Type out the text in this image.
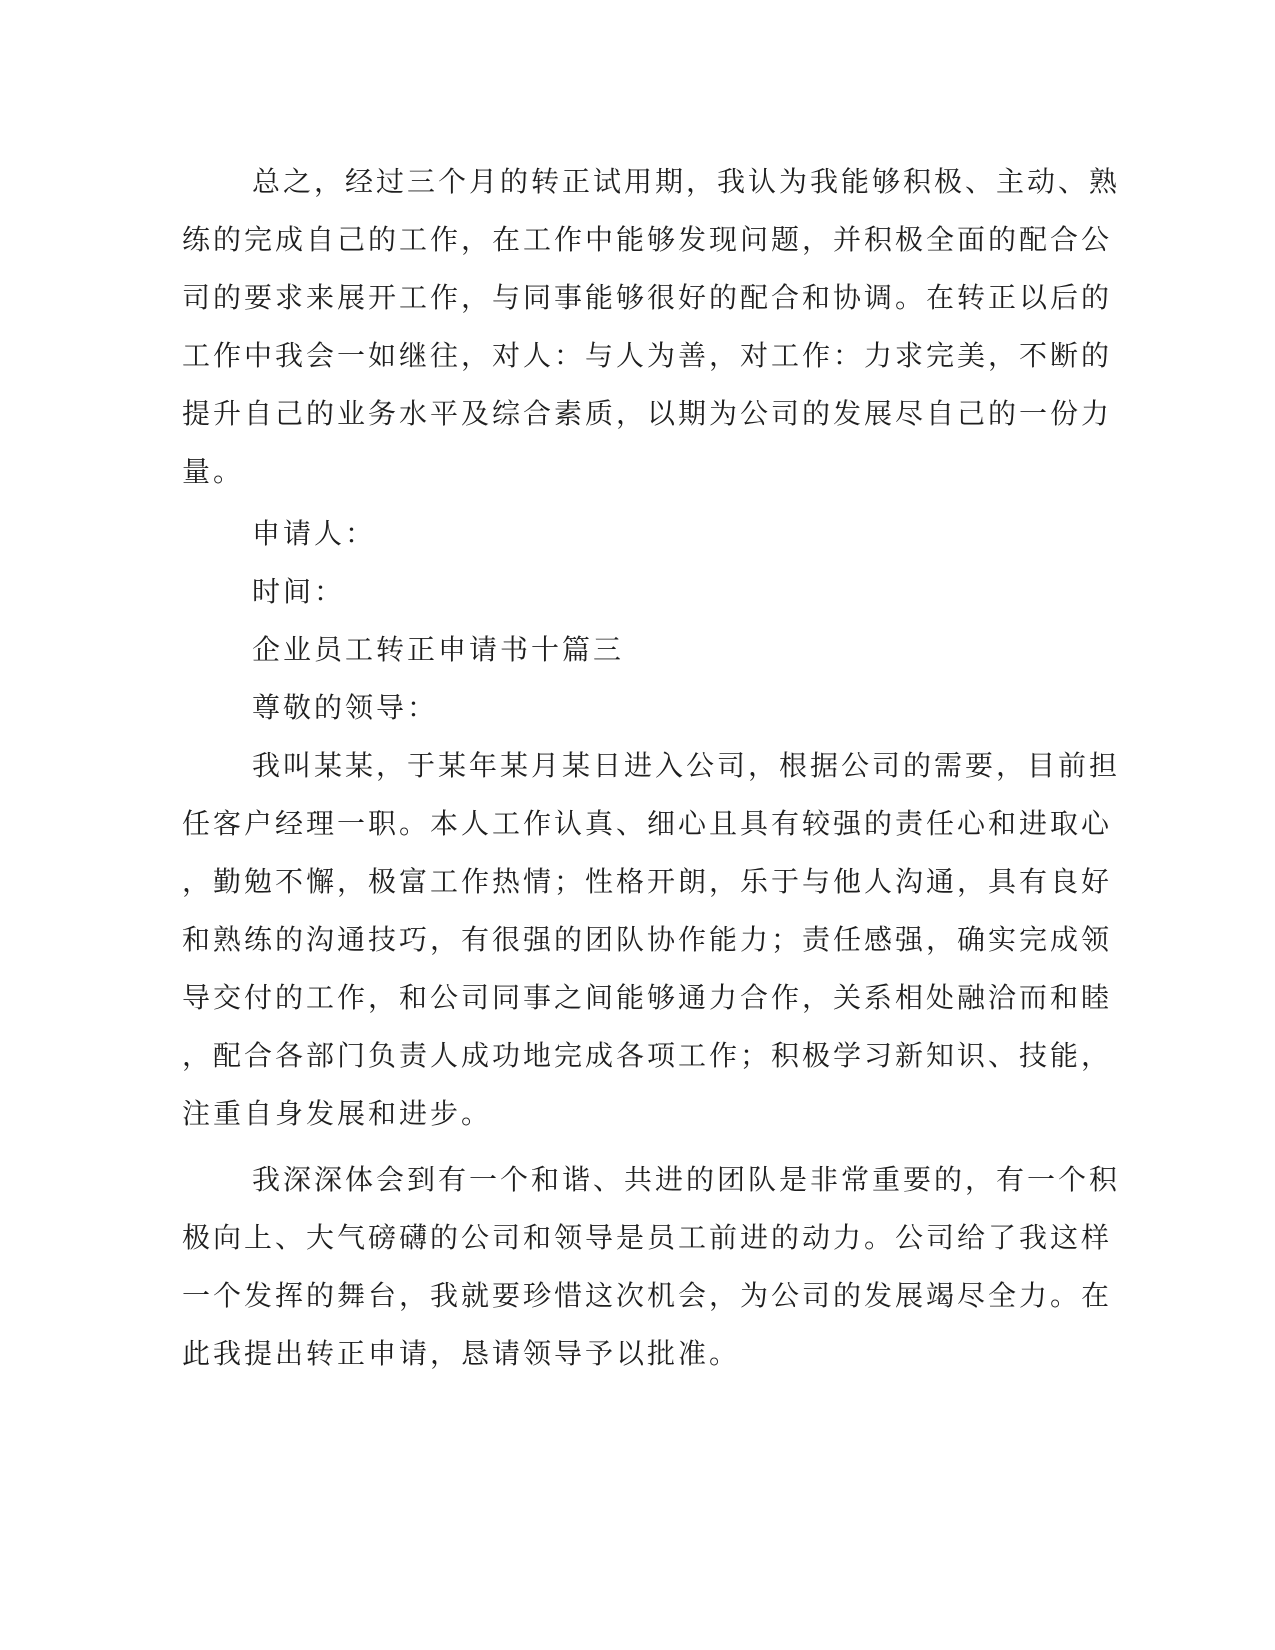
总之，经过三个月的转正试用期，我认为我能够积极、主动、熟

练的完成自己的工作，在工作中能够发现问题，并积极全面的配合公

司的要求来展开工作，与同事能够很好的配合和协调。在转正以后的

工作中我会一如继往，对人：与人为善，对工作：力求完美，不断的

提升自己的业务水平及综合素质，以期为公司的发展尽自己的一份力

量。

申请人：

时间：

企业员工转正申请书十篇三

尊敬的领导：

我叫某某，于某年某月某日进入公司，根据公司的需要，目前担

任客户经理一职。本人工作认真、细心且具有较强的责任心和进取心

，勤勉不懈，极富工作热情；性格开朗，乐于与他人沟通，具有良好

和熟练的沟通技巧，有很强的团队协作能力；责任感强，确实完成领

导交付的工作，和公司同事之间能够通力合作，关系相处融洽而和睦

，配合各部门负责人成功地完成各项工作；积极学习新知识、技能，

注重自身发展和进步。

我深深体会到有一个和谐、共进的团队是非常重要的，有一个积

极向上、大气磅礴的公司和领导是员工前进的动力。公司给了我这样

一个发挥的舞台，我就要珍惜这次机会，为公司的发展竭尽全力。在

此我提出转正申请，恳请领导予以批准。
